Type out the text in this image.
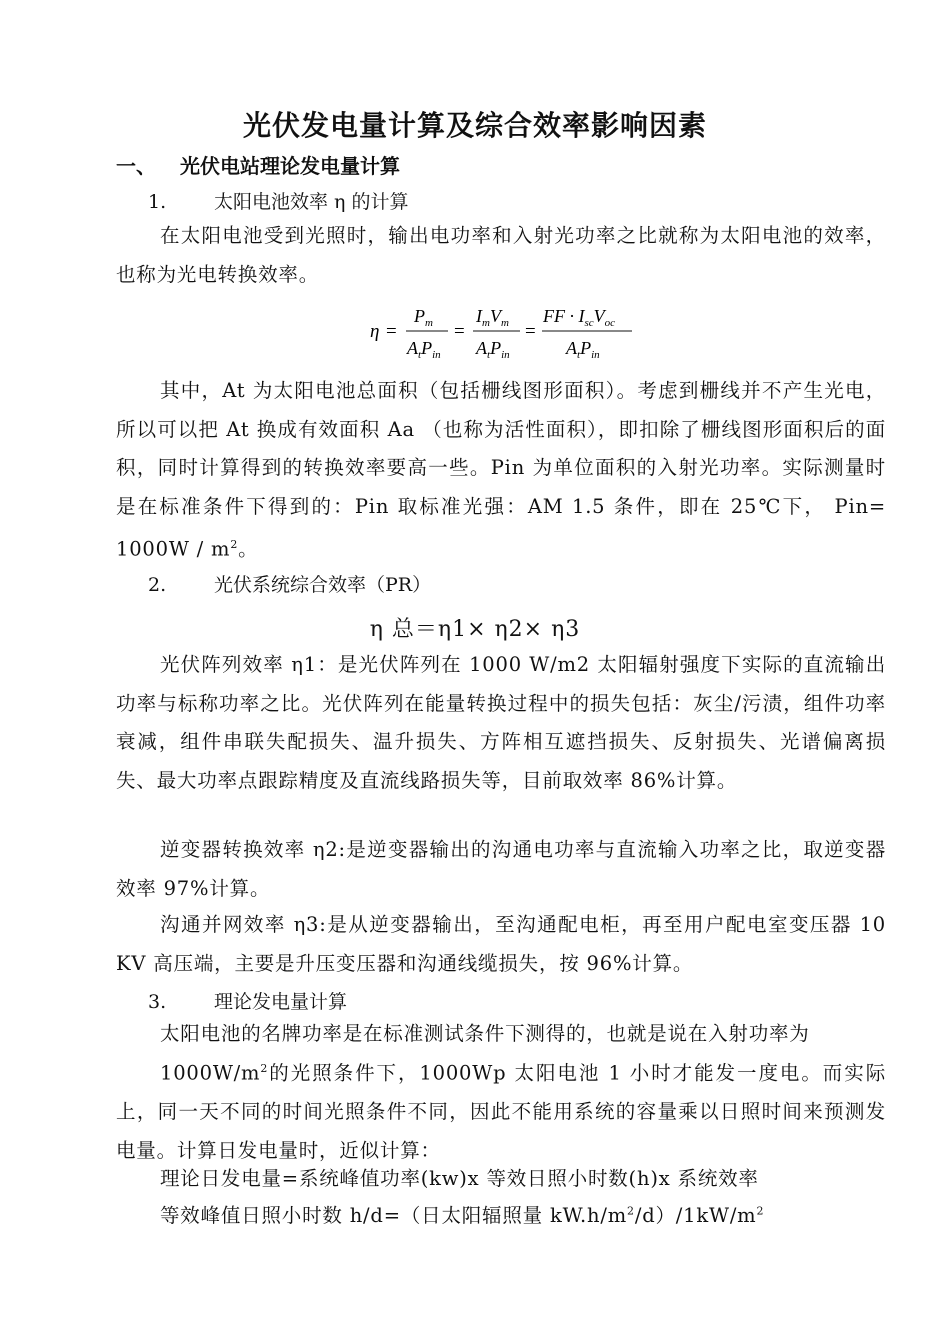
光伏发电量计算及综合效率影响因素
一、 光伏电站理论发电量计算
1.	太阳电池效率 η 的计算

在太阳电池受到光照时，输出电功率和入射光功率之比就称为太阳电池的效率，也称为光电转换效率。

η =
$P_m$
$A_tP_{in}$
=
$I_mV_m$
$A_tP_{in}$
=
FF · $I_{sc}V_{oc}$
$A_tP_{in}$

其中，At 为太阳电池总面积（包括栅线图形面积）。考虑到栅线并不产生光电，所以可以把 At 换成有效面积 Aa （也称为活性面积），即扣除了栅线图形面积后的面积，同时计算得到的转换效率要高一些。Pin 为单位面积的入射光功率。实际测量时是在标准条件下得到的：Pin 取标准光强：AM 1.5 条件，即在 25℃下， $Pin= 1000W / m^2$。

2.	光伏系统综合效率（PR）
η 总＝η1× η2× η3

光伏阵列效率 η1：是光伏阵列在 1000 W/m2 太阳辐射强度下实际的直流输出功率与标称功率之比。光伏阵列在能量转换过程中的损失包括：灰尘/污渍，组件功率衰减，组件串联失配损失、温升损失、方阵相互遮挡损失、反射损失、光谱偏离损失、最大功率点跟踪精度及直流线路损失等，目前取效率 86%计算。

逆变器转换效率 η2:是逆变器输出的沟通电功率与直流输入功率之比，取逆变器效率 97%计算。

沟通并网效率 η3:是从逆变器输出，至沟通配电柜，再至用户配电室变压器 10 KV 高压端，主要是升压变压器和沟通线缆损失，按 96%计算。

3.	理论发电量计算
太阳电池的名牌功率是在标准测试条件下测得的，也就是说在入射功率为

$1000W/m^2$的光照条件下，1000Wp 太阳电池 1 小时才能发一度电。而实际上，同一天不同的时间光照条件不同，因此不能用系统的容量乘以日照时间来预测发电量。计算日发电量时，近似计算：

理论日发电量=系统峰值功率(kw)x 等效日照小时数(h)x 系统效率
等效峰值日照小时数 h/d=（日太阳辐照量 $kW.h/m^2/d)/1kW/m^2$
